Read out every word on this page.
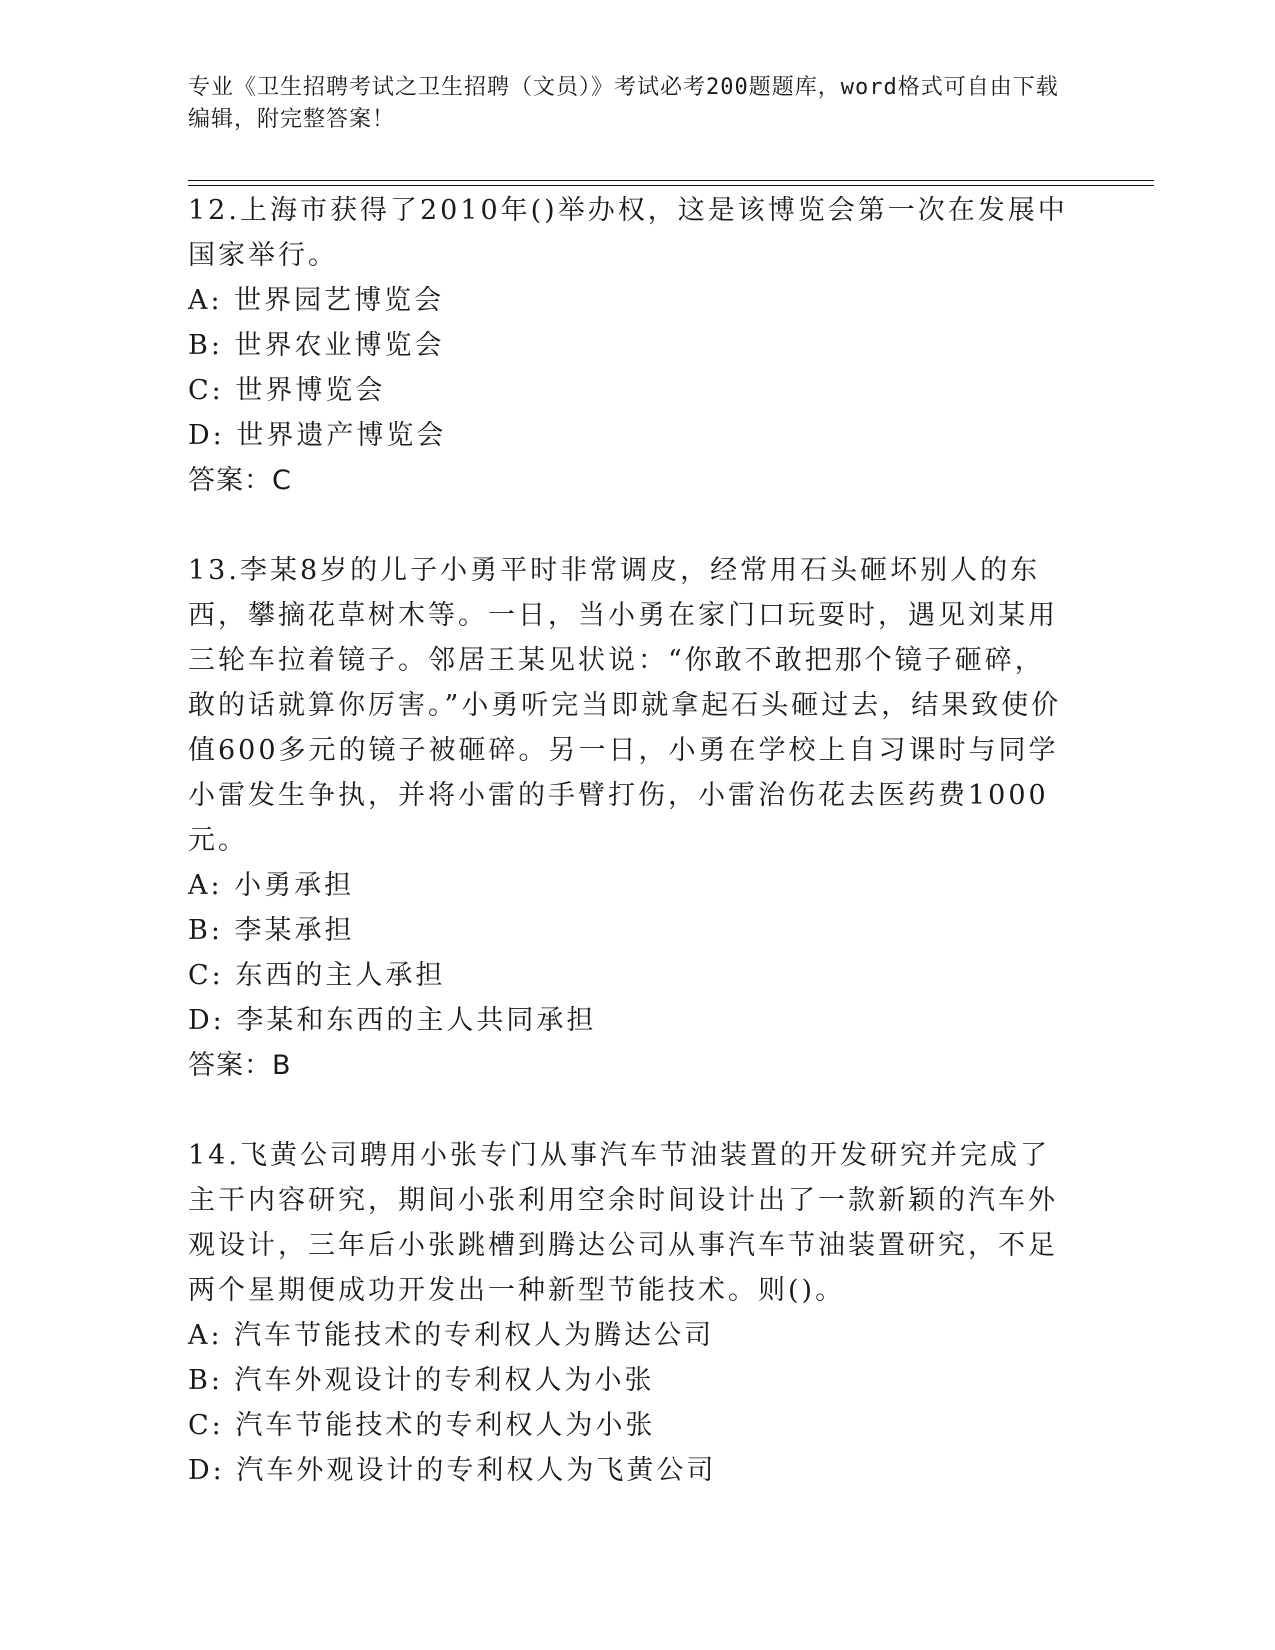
专业《卫生招聘考试之卫生招聘（文员）》考试必考200题题库，word格式可自由下载编辑，附完整答案！

12.上海市获得了2010年()举办权，这是该博览会第一次在发展中国家举行。

A: 世界园艺博览会

B: 世界农业博览会

C: 世界博览会

D: 世界遗产博览会

答案：C

13.李某8岁的儿子小勇平时非常调皮，经常用石头砸坏别人的东西，攀摘花草树木等。一日，当小勇在家门口玩耍时，遇见刘某用三轮车拉着镜子。邻居王某见状说：“你敢不敢把那个镜子砸碎，敢的话就算你厉害。”小勇听完当即就拿起石头砸过去，结果致使价值600多元的镜子被砸碎。另一日，小勇在学校上自习课时与同学小雷发生争执，并将小雷的手臂打伤，小雷治伤花去医药费1000元。

A: 小勇承担

B: 李某承担

C: 东西的主人承担

D: 李某和东西的主人共同承担

答案：B

14.飞黄公司聘用小张专门从事汽车节油装置的开发研究并完成了主干内容研究，期间小张利用空余时间设计出了一款新颖的汽车外观设计，三年后小张跳槽到腾达公司从事汽车节油装置研究，不足两个星期便成功开发出一种新型节能技术。则()。

A: 汽车节能技术的专利权人为腾达公司

B: 汽车外观设计的专利权人为小张

C: 汽车节能技术的专利权人为小张

D: 汽车外观设计的专利权人为飞黄公司
